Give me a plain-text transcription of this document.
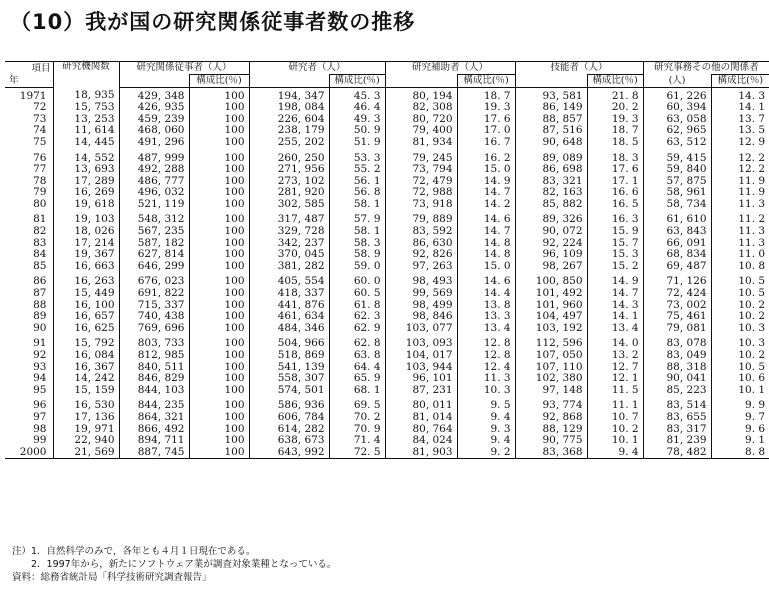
（10）我が国の研究関係従事者数の推移
項目	研究機関数	研究関係従事者（人）		研究者（人）		研究補助者（人）		技能者（人）		研究事務その他の関係者	
年			構成比(％)		構成比(％)		構成比(％)		構成比(％)	(人)	構成比(％)
1971	18, 935	429, 348	100	194, 347	45. 3	80, 194	18. 7	93, 581	21. 8	61, 226	14. 3
72	15, 753	426, 935	100	198, 084	46. 4	82, 308	19. 3	86, 149	20. 2	60, 394	14. 1
73	13, 253	459, 239	100	226, 604	49. 3	80, 720	17. 6	88, 857	19. 3	63, 058	13. 7
74	11, 614	468, 060	100	238, 179	50. 9	79, 400	17. 0	87, 516	18. 7	62, 965	13. 5
75	14, 445	491, 296	100	255, 202	51. 9	81, 934	16. 7	90, 648	18. 5	63, 512	12. 9
76	14, 552	487, 999	100	260, 250	53. 3	79, 245	16. 2	89, 089	18. 3	59, 415	12. 2
77	13, 693	492, 288	100	271, 956	55. 2	73, 794	15. 0	86, 698	17. 6	59, 840	12. 2
78	17, 289	486, 777	100	273, 102	56. 1	72, 479	14. 9	83, 321	17. 1	57, 875	11. 9
79	16, 269	496, 032	100	281, 920	56. 8	72, 988	14. 7	82, 163	16. 6	58, 961	11. 9
80	19, 618	521, 119	100	302, 585	58. 1	73, 918	14. 2	85, 882	16. 5	58, 734	11. 3
81	19, 103	548, 312	100	317, 487	57. 9	79, 889	14. 6	89, 326	16. 3	61, 610	11. 2
82	18, 026	567, 235	100	329, 728	58. 1	83, 592	14. 7	90, 072	15. 9	63, 843	11. 3
83	17, 214	587, 182	100	342, 237	58. 3	86, 630	14. 8	92, 224	15. 7	66, 091	11. 3
84	19, 367	627, 814	100	370, 045	58. 9	92, 826	14. 8	96, 109	15. 3	68, 834	11. 0
85	16, 663	646, 299	100	381, 282	59. 0	97, 263	15. 0	98, 267	15. 2	69, 487	10. 8
86	16, 263	676, 023	100	405, 554	60. 0	98, 493	14. 6	100, 850	14. 9	71, 126	10. 5
87	15, 449	691, 822	100	418, 337	60. 5	99, 569	14. 4	101, 492	14. 7	72, 424	10. 5
88	16, 100	715, 337	100	441, 876	61. 8	98, 499	13. 8	101, 960	14. 3	73, 002	10. 2
89	16, 657	740, 438	100	461, 634	62. 3	98, 846	13. 3	104, 497	14. 1	75, 461	10. 2
90	16, 625	769, 696	100	484, 346	62. 9	103, 077	13. 4	103, 192	13. 4	79, 081	10. 3
91	15, 792	803, 733	100	504, 966	62. 8	103, 093	12. 8	112, 596	14. 0	83, 078	10. 3
92	16, 084	812, 985	100	518, 869	63. 8	104, 017	12. 8	107, 050	13. 2	83, 049	10. 2
93	16, 367	840, 511	100	541, 139	64. 4	103, 944	12. 4	107, 110	12. 7	88, 318	10. 5
94	14, 242	846, 829	100	558, 307	65. 9	96, 101	11. 3	102, 380	12. 1	90, 041	10. 6
95	15, 159	844, 103	100	574, 501	68. 1	87, 231	10. 3	97, 148	11. 5	85, 223	10. 1
96	16, 530	844, 235	100	586, 936	69. 5	80, 011	9. 5	93, 774	11. 1	83, 514	9. 9
97	17, 136	864, 321	100	606, 784	70. 2	81, 014	9. 4	92, 868	10. 7	83, 655	9. 7
98	19, 971	866, 492	100	614, 282	70. 9	80, 764	9. 3	88, 129	10. 2	83, 317	9. 6
99	22, 940	894, 711	100	638, 673	71. 4	84, 024	9. 4	90, 775	10. 1	81, 239	9. 1
2000	21, 569	887, 745	100	643, 992	72. 5	81, 903	9. 2	83, 368	9. 4	78, 482	8. 8
注）1．自然科学のみで，各年とも４月１日現在である。
　　2．1997年から，新たにソフトウェア業が調査対象業種となっている。
資料：総務省統計局「科学技術研究調査報告」
